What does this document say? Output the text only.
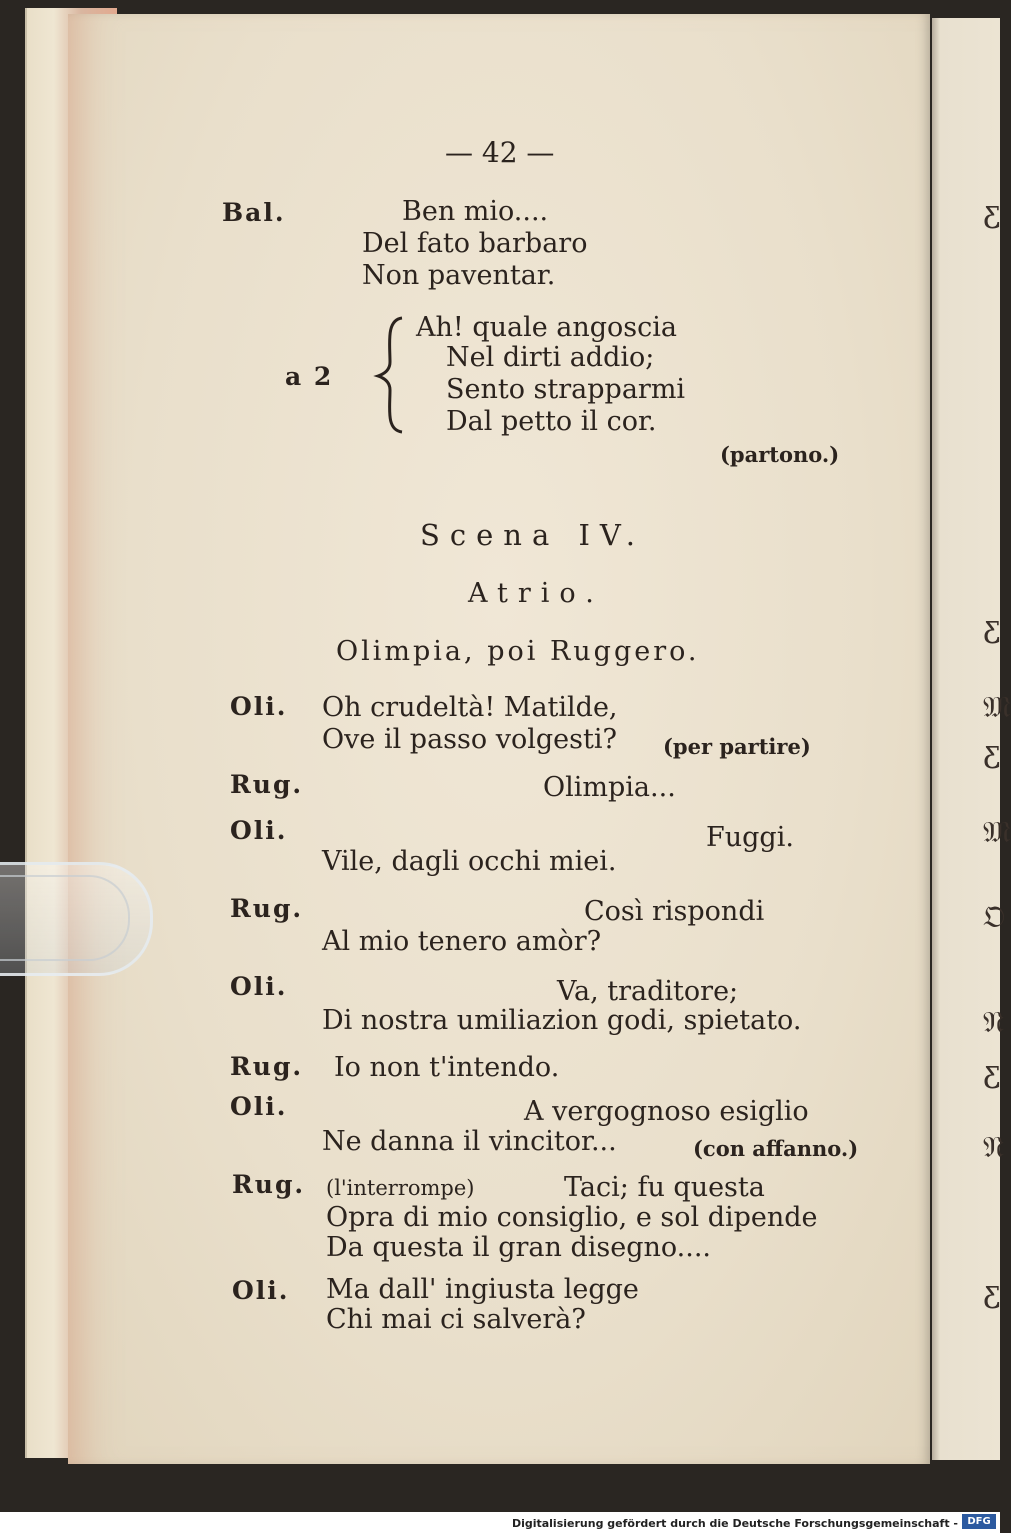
ƹ
ƹ
𝔐
ƹ
𝔐
𝔒
𝔑
ƹ
𝔑
ƹ
— 42 —
Bal.	Ben mio....
Del fato barbaro
Non paventar.
a 2
Ah! quale angoscia
Nel dirti addio;
Sento strapparmi
Dal petto il cor.
(partono.)
Scena IV.
Atrio.
Olimpia, poi Ruggero.
Oli. Oh crudeltà! Matilde,
Ove il passo volgesti? (per partire)
Rug.	Olimpia...
Oli.	Fuggi.
Vile, dagli occhi miei.
Rug.	Così rispondi
Al mio tenero amòr?
Oli.	Va, traditore;
Di nostra umiliazion godi, spietato.
Rug. Io non t'intendo.
Oli.	A vergognoso esiglio
Ne danna il vincitor...	(con affanno.)
Rug. (l'interrompe)	Taci; fu questa
Opra di mio consiglio, e sol dipende
Da questa il gran disegno....
Oli. Ma dall' ingiusta legge
Chi mai ci salverà?
Digitalisierung gefördert durch die Deutsche Forschungsgemeinschaft - DFG
